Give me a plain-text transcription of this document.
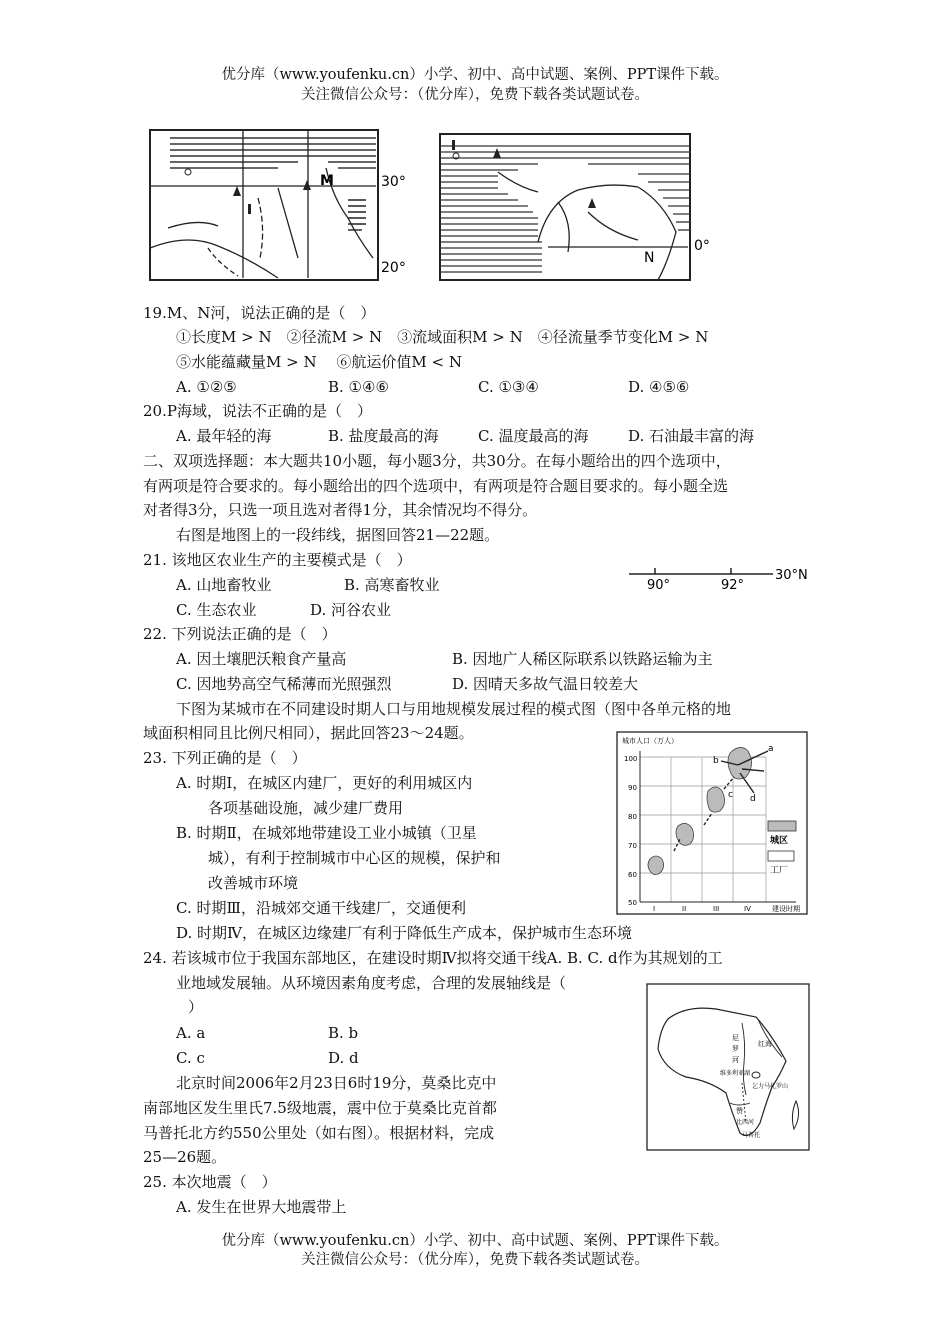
优分库（www.youfenku.cn）小学、初中、高中试题、案例、PPT课件下载。
关注微信公众号：（优分库），免费下载各类试题试卷。
M	30°
20°
N
0°
19.M、N河，说法正确的是（　）
①长度M > N　②径流M > N　③流域面积M > N　④径流量季节变化M > N
⑤水能蕴藏量M > N　 ⑥航运价值M < N
A. ①②⑤	B. ①④⑥	C. ①③④	D. ④⑤⑥
20.P海域，说法不正确的是（　）
A. 最年轻的海	B. 盐度最高的海	C. 温度最高的海	D. 石油最丰富的海
二、双项选择题：本大题共10小题，每小题3分，共30分。在每小题给出的四个选项中，
有两项是符合要求的。每小题给出的四个选项中，有两项是符合题目要求的。每小题全选
对者得3分，只选一项且选对者得1分，其余情况均不得分。
右图是地图上的一段纬线，据图回答21—22题。
90°	92°
30°N
21. 该地区农业生产的主要模式是（　）
A. 山地畜牧业	B. 高寒畜牧业
C. 生态农业	D. 河谷农业
22. 下列说法正确的是（　）
A. 因土壤肥沃粮食产量高	B. 因地广人稀区际联系以铁路运输为主
C. 因地势高空气稀薄而光照强烈	D. 因晴天多故气温日较差大
下图为某城市在不同建设时期人口与用地规模发展过程的模式图（图中各单元格的地
域面积相同且比例尺相同），据此回答23～24题。	城市人口（万人）
100
90
80
70
60
50
I	II	III	IV	建设时期
a
b
c d
城区
工厂
23. 下列正确的是（　）
A. 时期Ⅰ，在城区内建厂，更好的利用城区内
各项基础设施，减少建厂费用
B. 时期Ⅱ，在城郊地带建设工业小城镇（卫星
城），有利于控制城市中心区的规模，保护和
改善城市环境
C. 时期Ⅲ，沿城郊交通干线建厂，交通便利
D. 时期Ⅳ，在城区边缘建厂有利于降低生产成本，保护城市生态环境
24. 若该城市位于我国东部地区，在建设时期Ⅳ拟将交通干线A. B. C. d作为其规划的工
业地域发展轴。从环境因素角度考虑，合理的发展轴线是（
）
A. a	B. b
C. c	D. d
尼
罗
河
红海
维多利亚湖
乞力马扎罗山
赞
比西河
马普托
北京时间2006年2月23日6时19分，莫桑比克中
南部地区发生里氏7.5级地震，震中位于莫桑比克首都
马普托北方约550公里处（如右图）。根据材料，完成
25—26题。
25. 本次地震（　）
A. 发生在世界大地震带上
优分库（www.youfenku.cn）小学、初中、高中试题、案例、PPT课件下载。
关注微信公众号：（优分库），免费下载各类试题试卷。
